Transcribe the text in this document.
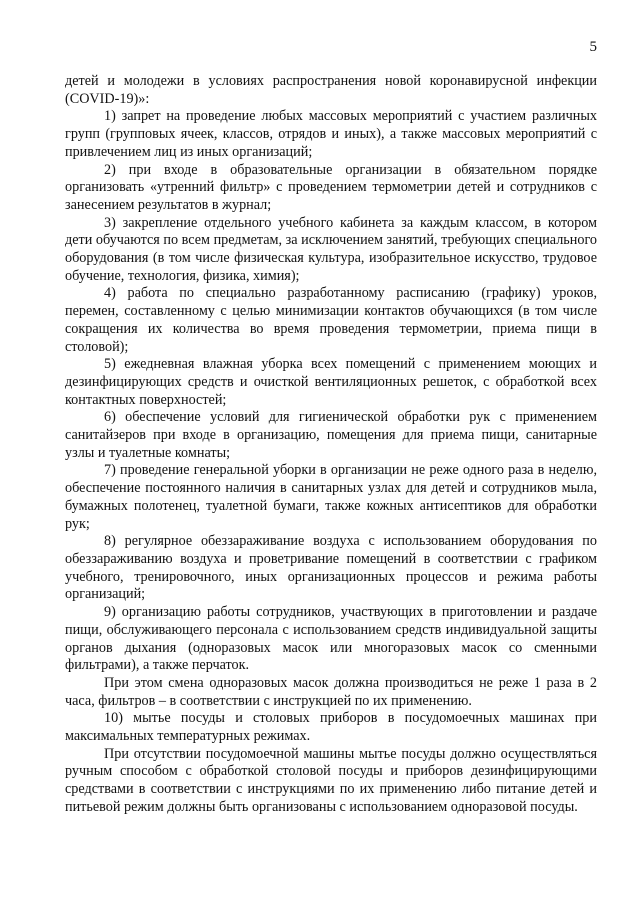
5

детей и молодежи в условиях распространения новой коронавирусной инфекции (COVID-19)»:

1) запрет на проведение любых массовых мероприятий с участием различных групп (групповых ячеек, классов, отрядов и иных), а также массовых мероприятий с привлечением лиц из иных организаций;

2) при входе в образовательные организации в обязательном порядке организовать «утренний фильтр» с проведением термометрии детей и сотрудников с занесением результатов в журнал;

3) закрепление отдельного учебного кабинета за каждым классом, в котором дети обучаются по всем предметам, за исключением занятий, требующих специального оборудования (в том числе физическая культура, изобразительное искусство, трудовое обучение, технология, физика, химия);

4) работа по специально разработанному расписанию (графику) уроков, перемен, составленному с целью минимизации контактов обучающихся (в том числе сокращения их количества во время проведения термометрии, приема пищи в столовой);

5) ежедневная влажная уборка всех помещений с применением моющих и дезинфицирующих средств и очисткой вентиляционных решеток, с обработкой всех контактных поверхностей;

6) обеспечение условий для гигиенической обработки рук с применением санитайзеров при входе в организацию, помещения для приема пищи, санитарные узлы и туалетные комнаты;

7) проведение генеральной уборки в организации не реже одного раза в неделю, обеспечение постоянного наличия в санитарных узлах для детей и сотрудников мыла, бумажных полотенец, туалетной бумаги, также кожных антисептиков для обработки рук;

8) регулярное обеззараживание воздуха с использованием оборудования по обеззараживанию воздуха и проветривание помещений в соответствии с графиком учебного, тренировочного, иных организационных процессов и режима работы организаций;

9) организацию работы сотрудников, участвующих в приготовлении и раздаче пищи, обслуживающего персонала с использованием средств индивидуальной защиты органов дыхания (одноразовых масок или многоразовых масок со сменными фильтрами), а также перчаток.

При этом смена одноразовых масок должна производиться не реже 1 раза в 2 часа, фильтров – в соответствии с инструкцией по их применению.

10) мытье посуды и столовых приборов в посудомоечных машинах при максимальных температурных режимах.

При отсутствии посудомоечной машины мытье посуды должно осуществляться ручным способом с обработкой столовой посуды и приборов дезинфицирующими средствами в соответствии с инструкциями по их применению либо питание детей и питьевой режим должны быть организованы с использованием одноразовой посуды.
